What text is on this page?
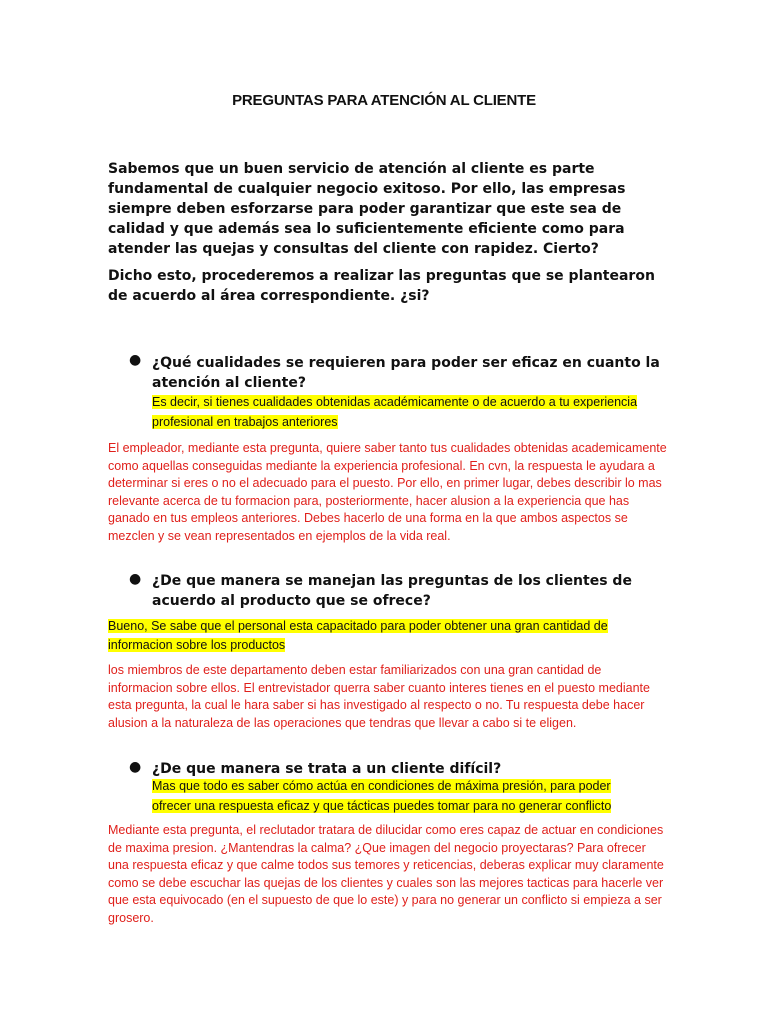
PREGUNTAS PARA ATENCIÓN AL CLIENTE
Sabemos que un buen servicio de atención al cliente es parte fundamental de cualquier negocio exitoso. Por ello, las empresas siempre deben esforzarse para poder garantizar que este sea de calidad y que además sea lo suficientemente eficiente como para atender las quejas y consultas del cliente con rapidez. Cierto?
Dicho esto, procederemos a realizar las preguntas que se plantearon de acuerdo al área correspondiente. ¿si?
● ¿Qué cualidades se requieren para poder ser eficaz en cuanto la atención al cliente?
Es decir, si tienes cualidades obtenidas académicamente o de acuerdo a tu experiencia profesional en trabajos anteriores
El empleador, mediante esta pregunta, quiere saber tanto tus cualidades obtenidas academicamente como aquellas conseguidas mediante la experiencia profesional. En cvn, la respuesta le ayudara a determinar si eres o no el adecuado para el puesto. Por ello, en primer lugar, debes describir lo mas relevante acerca de tu formacion para, posteriormente, hacer alusion a la experiencia que has ganado en tus empleos anteriores. Debes hacerlo de una forma en la que ambos aspectos se mezclen y se vean representados en ejemplos de la vida real.
● ¿De que manera se manejan las preguntas de los clientes de acuerdo al producto que se ofrece?
Bueno, Se sabe que el personal esta capacitado para poder obtener una gran cantidad de informacion sobre los productos
los miembros de este departamento deben estar familiarizados con una gran cantidad de informacion sobre ellos. El entrevistador querra saber cuanto interes tienes en el puesto mediante esta pregunta, la cual le hara saber si has investigado al respecto o no. Tu respuesta debe hacer alusion a la naturaleza de las operaciones que tendras que llevar a cabo si te eligen.
● ¿De que manera se trata a un cliente difícil?
Mas que todo es saber cómo actúa en condiciones de máxima presión, para poder ofrecer una respuesta eficaz y que tácticas puedes tomar para no generar conflicto
Mediante esta pregunta, el reclutador tratara de dilucidar como eres capaz de actuar en condiciones de maxima presion. ¿Mantendras la calma? ¿Que imagen del negocio proyectaras? Para ofrecer una respuesta eficaz y que calme todos sus temores y reticencias, deberas explicar muy claramente como se debe escuchar las quejas de los clientes y cuales son las mejores tacticas para hacerle ver que esta equivocado (en el supuesto de que lo este) y para no generar un conflicto si empieza a ser grosero.
